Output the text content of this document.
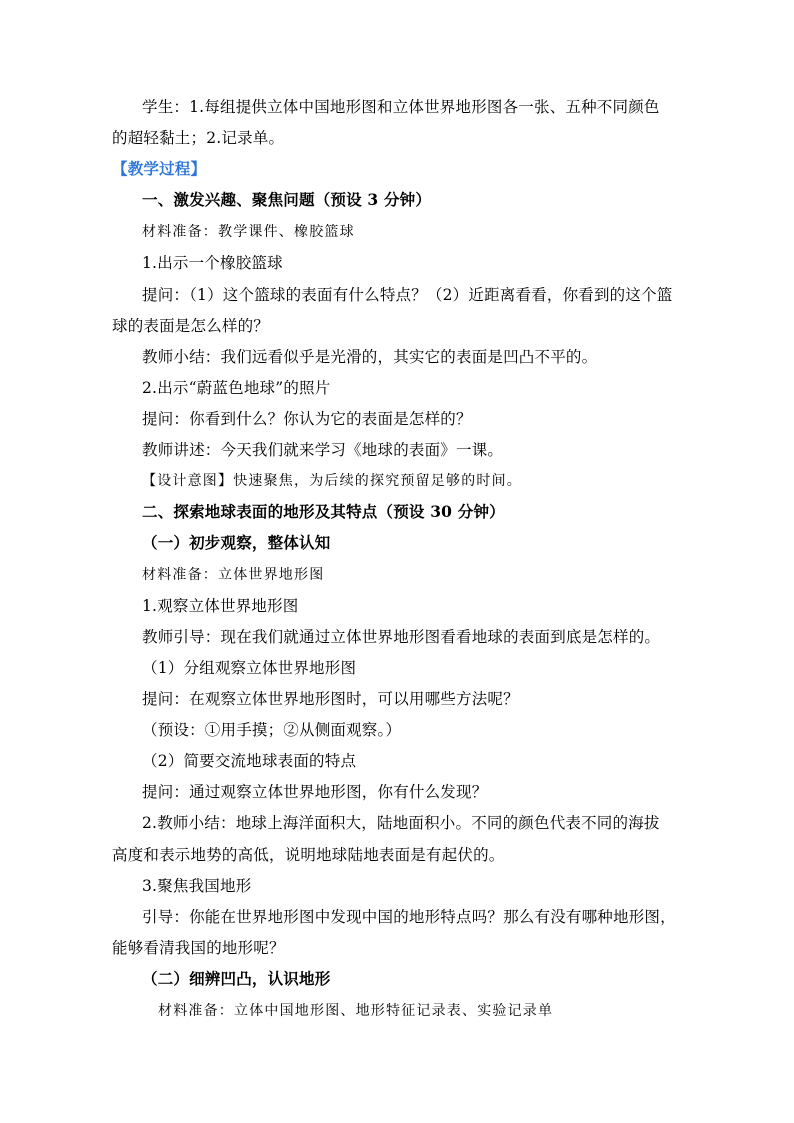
学生：1.每组提供立体中国地形图和立体世界地形图各一张、五种不同颜色
的超轻黏土；2.记录单。
【教学过程】
一、激发兴趣、聚焦问题（预设 3 分钟）
材料准备：教学课件、橡胶篮球
1.出示一个橡胶篮球
提问：（1）这个篮球的表面有什么特点？（2）近距离看看，你看到的这个篮
球的表面是怎么样的？
教师小结：我们远看似乎是光滑的，其实它的表面是凹凸不平的。
2.出示“蔚蓝色地球”的照片
提问：你看到什么？你认为它的表面是怎样的？
教师讲述：今天我们就来学习《地球的表面》一课。
【设计意图】快速聚焦，为后续的探究预留足够的时间。
二、探索地球表面的地形及其特点（预设 30 分钟）
（一）初步观察，整体认知
材料准备：立体世界地形图
1.观察立体世界地形图
教师引导：现在我们就通过立体世界地形图看看地球的表面到底是怎样的。
（1）分组观察立体世界地形图
提问：在观察立体世界地形图时，可以用哪些方法呢？
（预设：①用手摸；②从侧面观察。）
（2）简要交流地球表面的特点
提问：通过观察立体世界地形图，你有什么发现？
2.教师小结：地球上海洋面积大，陆地面积小。不同的颜色代表不同的海拔
高度和表示地势的高低，说明地球陆地表面是有起伏的。
3.聚焦我国地形
引导：你能在世界地形图中发现中国的地形特点吗？那么有没有哪种地形图，
能够看清我国的地形呢？
（二）细辨凹凸，认识地形
材料准备：立体中国地形图、地形特征记录表、实验记录单
